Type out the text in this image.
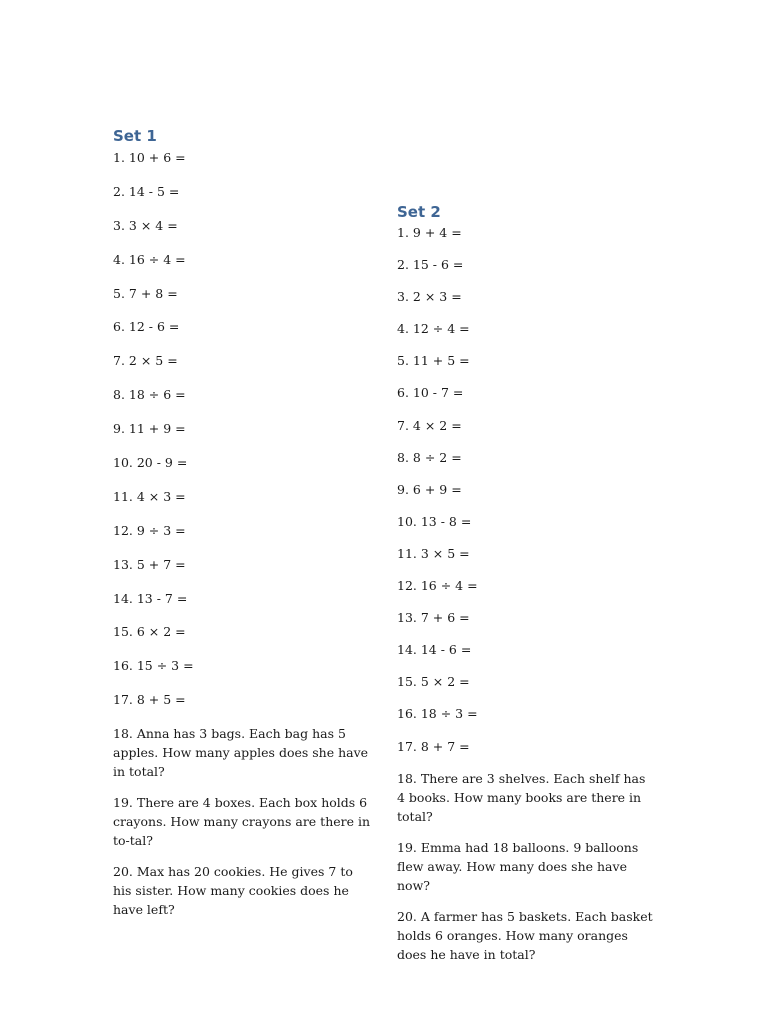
Set 1
1. 10 + 6 =
2. 14 - 5 =
3. 3 × 4 =
4. 16 ÷ 4 =
5. 7 + 8 =
6. 12 - 6 =
7. 2 × 5 =
8. 18 ÷ 6 =
9. 11 + 9 =
10. 20 - 9 =
11. 4 × 3 =
12. 9 ÷ 3 =
13. 5 + 7 =
14. 13 - 7 =
15. 6 × 2 =
16. 15 ÷ 3 =
17. 8 + 5 =

18. Anna has 3 bags. Each bag has 5 apples. How many apples does she have in total?

19. There are 4 boxes. Each box holds 6 crayons. How many crayons are there in to-tal?

20. Max has 20 cookies. He gives 7 to his sister. How many cookies does he have left?

Set 2
1. 9 + 4 =
2. 15 - 6 =
3. 2 × 3 =
4. 12 ÷ 4 =
5. 11 + 5 =
6. 10 - 7 =
7. 4 × 2 =
8. 8 ÷ 2 =
9. 6 + 9 =
10. 13 - 8 =
11. 3 × 5 =
12. 16 ÷ 4 =
13. 7 + 6 =
14. 14 - 6 =
15. 5 × 2 =
16. 18 ÷ 3 =
17. 8 + 7 =

18. There are 3 shelves. Each shelf has 4 books. How many books are there in total?

19. Emma had 18 balloons. 9 balloons flew away. How many does she have now?

20. A farmer has 5 baskets. Each basket holds 6 oranges. How many oranges does he have in total?
